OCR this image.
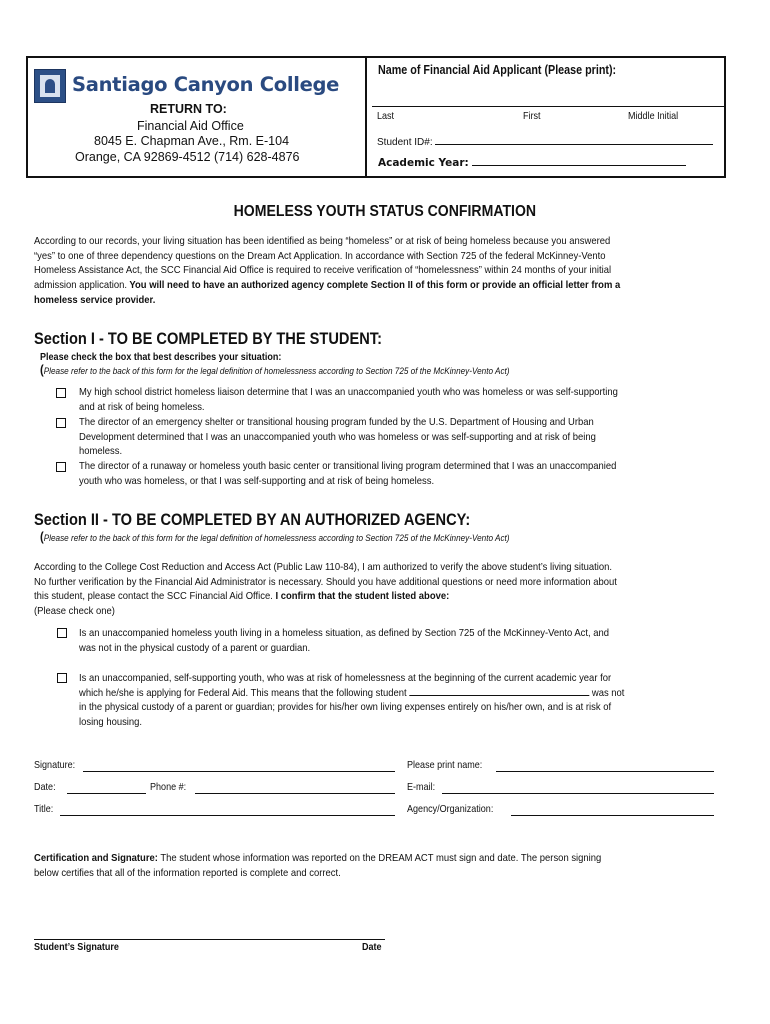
Santiago Canyon College
RETURN TO:
Financial Aid Office
8045 E. Chapman Ave., Rm. E-104
Orange, CA 92869-4512 (714) 628-4876
Name of Financial Aid Applicant (Please print):
Last	First	Middle Initial
Student ID#:
Academic Year:
HOMELESS YOUTH STATUS CONFIRMATION
According to our records, your living situation has been identified as being “homeless” or at risk of being homeless because you answered
“yes” to one of three dependency questions on the Dream Act Application. In accordance with Section 725 of the federal McKinney-Vento
Homeless Assistance Act, the SCC Financial Aid Office is required to receive verification of “homelessness” within 24 months of your initial
admission application. You will need to have an authorized agency complete Section II of this form or provide an official letter from a
homeless service provider.
Section I - TO BE COMPLETED BY THE STUDENT:
Please check the box that best describes your situation:
(Please refer to the back of this form for the legal definition of homelessness according to Section 725 of the McKinney-Vento Act)
My high school district homeless liaison determine that I was an unaccompanied youth who was homeless or was self-supporting
and at risk of being homeless.
The director of an emergency shelter or transitional housing program funded by the U.S. Department of Housing and Urban
Development determined that I was an unaccompanied youth who was homeless or was self-supporting and at risk of being
homeless.
The director of a runaway or homeless youth basic center or transitional living program determined that I was an unaccompanied
youth who was homeless, or that I was self-supporting and at risk of being homeless.
Section II - TO BE COMPLETED BY AN AUTHORIZED AGENCY:
(Please refer to the back of this form for the legal definition of homelessness according to Section 725 of the McKinney-Vento Act)
According to the College Cost Reduction and Access Act (Public Law 110-84), I am authorized to verify the above student’s living situation.
No further verification by the Financial Aid Administrator is necessary. Should you have additional questions or need more information about
this student, please contact the SCC Financial Aid Office. I confirm that the student listed above:
(Please check one)
Is an unaccompanied homeless youth living in a homeless situation, as defined by Section 725 of the McKinney-Vento Act, and
was not in the physical custody of a parent or guardian.
Is an unaccompanied, self-supporting youth, who was at risk of homelessness at the beginning of the current academic year for
which he/she is applying for Federal Aid. This means that the following student	was not
in the physical custody of a parent or guardian; provides for his/her own living expenses entirely on his/her own, and is at risk of
losing housing.
Signature:	Please print name:
Date:	Phone #:	E-mail:
Title:	Agency/Organization:
Certification and Signature: The student whose information was reported on the DREAM ACT must sign and date. The person signing
below certifies that all of the information reported is complete and correct.
Student’s Signature	Date
